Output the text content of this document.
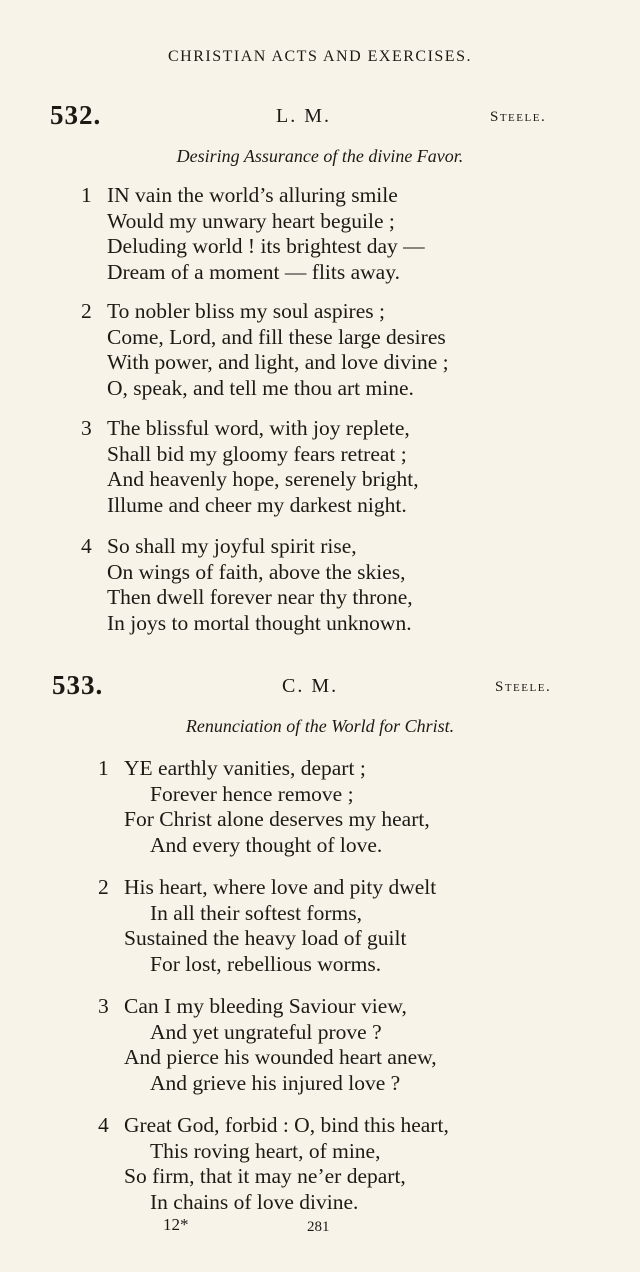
CHRISTIAN ACTS AND EXERCISES.
532.	L. M.	Steele.
Desiring Assurance of the divine Favor.
1 IN vain the world’s alluring smile
Would my unwary heart beguile ;
Deluding world ! its brightest day —
Dream of a moment — flits away.
2 To nobler bliss my soul aspires ;
Come, Lord, and fill these large desires
With power, and light, and love divine ;
O, speak, and tell me thou art mine.
3 The blissful word, with joy replete,
Shall bid my gloomy fears retreat ;
And heavenly hope, serenely bright,
Illume and cheer my darkest night.
4 So shall my joyful spirit rise,
On wings of faith, above the skies,
Then dwell forever near thy throne,
In joys to mortal thought unknown.
533.	C. M.	Steele.
Renunciation of the World for Christ.
1 YE earthly vanities, depart ;
Forever hence remove ;
For Christ alone deserves my heart,
And every thought of love.
2 His heart, where love and pity dwelt
In all their softest forms,
Sustained the heavy load of guilt
For lost, rebellious worms.
3 Can I my bleeding Saviour view,
And yet ungrateful prove ?
And pierce his wounded heart anew,
And grieve his injured love ?
4 Great God, forbid : O, bind this heart,
This roving heart, of mine,
So firm, that it may ne’er depart,
In chains of love divine.
12*	281
